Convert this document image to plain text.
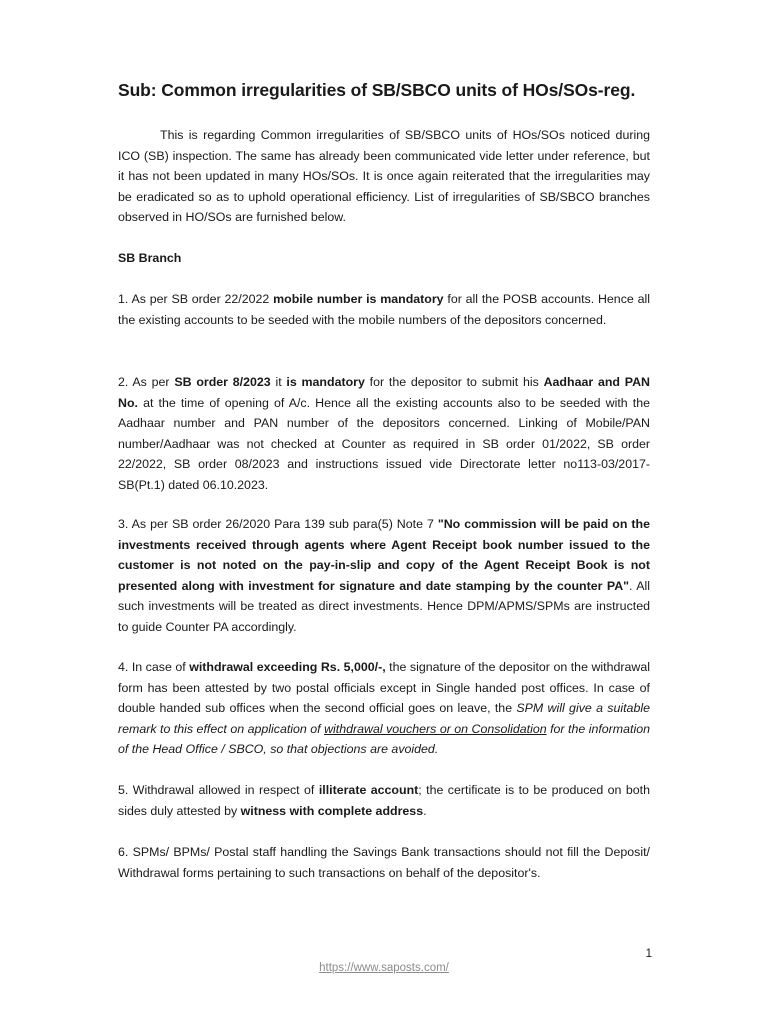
Sub: Common irregularities of SB/SBCO units of HOs/SOs-reg.

This is regarding Common irregularities of SB/SBCO units of HOs/SOs noticed during ICO (SB) inspection. The same has already been communicated vide letter under reference, but it has not been updated in many HOs/SOs. It is once again reiterated that the irregularities may be eradicated so as to uphold operational efficiency. List of irregularities of SB/SBCO branches observed in HO/SOs are furnished below.

SB Branch

1. As per SB order 22/2022 mobile number is mandatory for all the POSB accounts. Hence all the existing accounts to be seeded with the mobile numbers of the depositors concerned.

2. As per SB order 8/2023 it is mandatory for the depositor to submit his Aadhaar and PAN No. at the time of opening of A/c. Hence all the existing accounts also to be seeded with the Aadhaar number and PAN number of the depositors concerned. Linking of Mobile/PAN number/Aadhaar was not checked at Counter as required in SB order 01/2022, SB order 22/2022, SB order 08/2023 and instructions issued vide Directorate letter no113-03/2017-SB(Pt.1) dated 06.10.2023.

3. As per SB order 26/2020 Para 139 sub para(5) Note 7 "No commission will be paid on the investments received through agents where Agent Receipt book number issued to the customer is not noted on the pay-in-slip and copy of the Agent Receipt Book is not presented along with investment for signature and date stamping by the counter PA". All such investments will be treated as direct investments. Hence DPM/APMS/SPMs are instructed to guide Counter PA accordingly.

4. In case of withdrawal exceeding Rs. 5,000/-, the signature of the depositor on the withdrawal form has been attested by two postal officials except in Single handed post offices. In case of double handed sub offices when the second official goes on leave, the SPM will give a suitable remark to this effect on application of withdrawal vouchers or on Consolidation for the information of the Head Office / SBCO, so that objections are avoided.

5. Withdrawal allowed in respect of illiterate account; the certificate is to be produced on both sides duly attested by witness with complete address.

6. SPMs/ BPMs/ Postal staff handling the Savings Bank transactions should not fill the Deposit/ Withdrawal forms pertaining to such transactions on behalf of the depositor's.

1

https://www.saposts.com/
